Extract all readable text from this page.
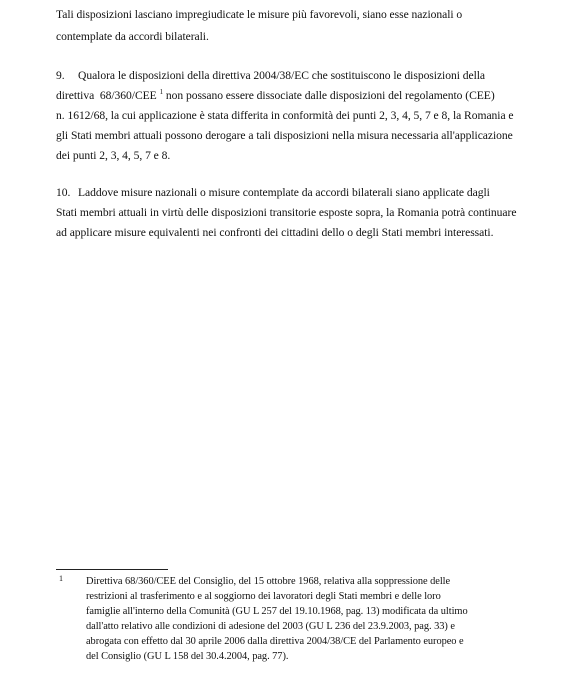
Tali disposizioni lasciano impregiudicate le misure più favorevoli, siano esse nazionali o
contemplate da accordi bilaterali.
9. Qualora le disposizioni della direttiva 2004/38/EC che sostituiscono le disposizioni della
direttiva  68/360/CEE $^1$ non possano essere dissociate dalle disposizioni del regolamento (CEE)
n. 1612/68, la cui applicazione è stata differita in conformità dei punti 2, 3, 4, 5, 7 e 8, la Romania e
gli Stati membri attuali possono derogare a tali disposizioni nella misura necessaria all'applicazione
dei punti 2, 3, 4, 5, 7 e 8.
10. Laddove misure nazionali o misure contemplate da accordi bilaterali siano applicate dagli
Stati membri attuali in virtù delle disposizioni transitorie esposte sopra, la Romania potrà continuare
ad applicare misure equivalenti nei confronti dei cittadini dello o degli Stati membri interessati.
1 Direttiva 68/360/CEE del Consiglio, del 15 ottobre 1968, relativa alla soppressione delle
restrizioni al trasferimento e al soggiorno dei lavoratori degli Stati membri e delle loro
famiglie all'interno della Comunità (GU L 257 del 19.10.1968, pag. 13) modificata da ultimo
dall'atto relativo alle condizioni di adesione del 2003 (GU L 236 del 23.9.2003, pag. 33) e
abrogata con effetto dal 30 aprile 2006 dalla direttiva 2004/38/CE del Parlamento europeo e
del Consiglio (GU L 158 del 30.4.2004, pag. 77).
